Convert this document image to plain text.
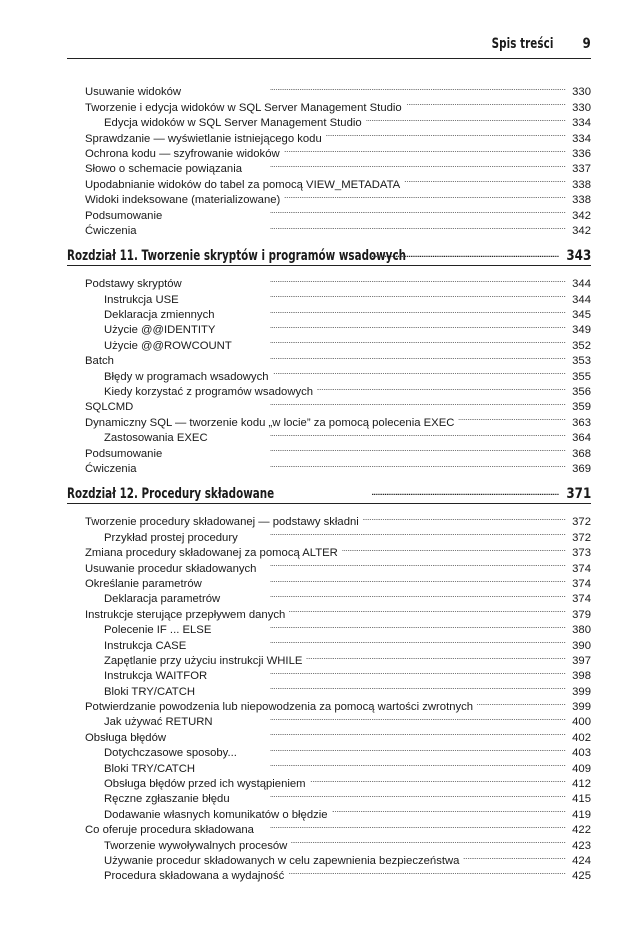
Spis treści 9
Usuwanie widoków . . .	330
Tworzenie i edycja widoków w SQL Server Management Studio . . .	330
Edycja widoków w SQL Server Management Studio . . .	334
Sprawdzanie — wyświetlanie istniejącego kodu . . .	334
Ochrona kodu — szyfrowanie widoków . . .	336
Słowo o schemacie powiązania . . .	337
Upodabnianie widoków do tabel za pomocą VIEW_METADATA . . .	338
Widoki indeksowane (materializowane) . . .	338
Podsumowanie . . .	342
Ćwiczenia . . .	342
Rozdział 11. Tworzenie skryptów i programów wsadowych . . .	343
Podstawy skryptów . . .	344
Instrukcja USE . . .	344
Deklaracja zmiennych . . .	345
Użycie @@IDENTITY . . .	349
Użycie @@ROWCOUNT . . .	352
Batch . . .	353
Błędy w programach wsadowych . . .	355
Kiedy korzystać z programów wsadowych . . .	356
SQLCMD . . .	359
Dynamiczny SQL — tworzenie kodu „w locie” za pomocą polecenia EXEC . . .	363
Zastosowania EXEC . . .	364
Podsumowanie . . .	368
Ćwiczenia . . .	369
Rozdział 12. Procedury składowane . . .	371
Tworzenie procedury składowanej — podstawy składni . . .	372
Przykład prostej procedury . . .	372
Zmiana procedury składowanej za pomocą ALTER . . .	373
Usuwanie procedur składowanych . . .	374
Określanie parametrów . . .	374
Deklaracja parametrów . . .	374
Instrukcje sterujące przepływem danych . . .	379
Polecenie IF ... ELSE . . .	380
Instrukcja CASE . . .	390
Zapętlanie przy użyciu instrukcji WHILE . . .	397
Instrukcja WAITFOR . . .	398
Bloki TRY/CATCH . . .	399
Potwierdzanie powodzenia lub niepowodzenia za pomocą wartości zwrotnych . . .	399
Jak używać RETURN . . .	400
Obsługa błędów . . .	402
Dotychczasowe sposoby... . . .	403
Bloki TRY/CATCH . . .	409
Obsługa błędów przed ich wystąpieniem . . .	412
Ręczne zgłaszanie błędu . . .	415
Dodawanie własnych komunikatów o błędzie . . .	419
Co oferuje procedura składowana . . .	422
Tworzenie wywoływalnych procesów . . .	423
Używanie procedur składowanych w celu zapewnienia bezpieczeństwa . . .	424
Procedura składowana a wydajność . . .	425
